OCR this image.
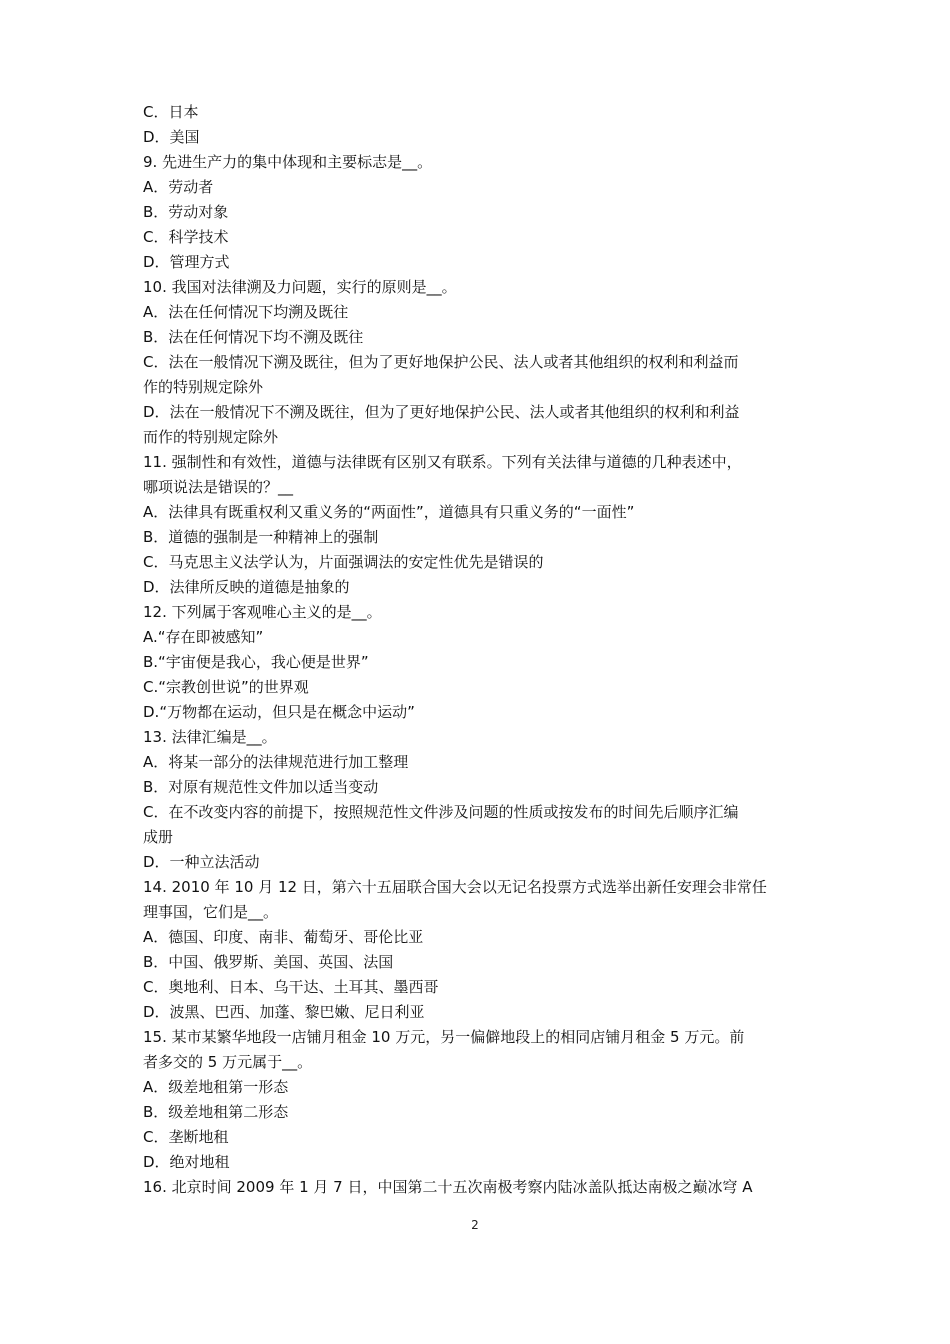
C．日本
D．美国
9. 先进生产力的集中体现和主要标志是__。
A．劳动者
B．劳动对象
C．科学技术
D．管理方式
10. 我国对法律溯及力问题，实行的原则是__。
A．法在任何情况下均溯及既往
B．法在任何情况下均不溯及既往
C．法在一般情况下溯及既往，但为了更好地保护公民、法人或者其他组织的权利和利益而
作的特别规定除外
D．法在一般情况下不溯及既往，但为了更好地保护公民、法人或者其他组织的权利和利益
而作的特别规定除外
11. 强制性和有效性，道德与法律既有区别又有联系。下列有关法律与道德的几种表述中，
哪项说法是错误的？__
A．法律具有既重权利又重义务的“两面性”，道德具有只重义务的“一面性”
B．道德的强制是一种精神上的强制
C．马克思主义法学认为，片面强调法的安定性优先是错误的
D．法律所反映的道德是抽象的
12. 下列属于客观唯心主义的是__。
A.“存在即被感知”
B.“宇宙便是我心，我心便是世界”
C.“宗教创世说”的世界观
D.“万物都在运动，但只是在概念中运动”
13. 法律汇编是__。
A．将某一部分的法律规范进行加工整理
B．对原有规范性文件加以适当变动
C．在不改变内容的前提下，按照规范性文件涉及问题的性质或按发布的时间先后顺序汇编
成册
D．一种立法活动
14. 2010 年 10 月 12 日，第六十五届联合国大会以无记名投票方式选举出新任安理会非常任
理事国，它们是__。
A．德国、印度、南非、葡萄牙、哥伦比亚
B．中国、俄罗斯、美国、英国、法国
C．奥地利、日本、乌干达、土耳其、墨西哥
D．波黑、巴西、加蓬、黎巴嫩、尼日利亚
15. 某市某繁华地段一店铺月租金 10 万元，另一偏僻地段上的相同店铺月租金 5 万元。前
者多交的 5 万元属于__。
A．级差地租第一形态
B．级差地租第二形态
C．垄断地租
D．绝对地租
16. 北京时间 2009 年 1 月 7 日，中国第二十五次南极考察内陆冰盖队抵达南极之巅冰穹 A
2
